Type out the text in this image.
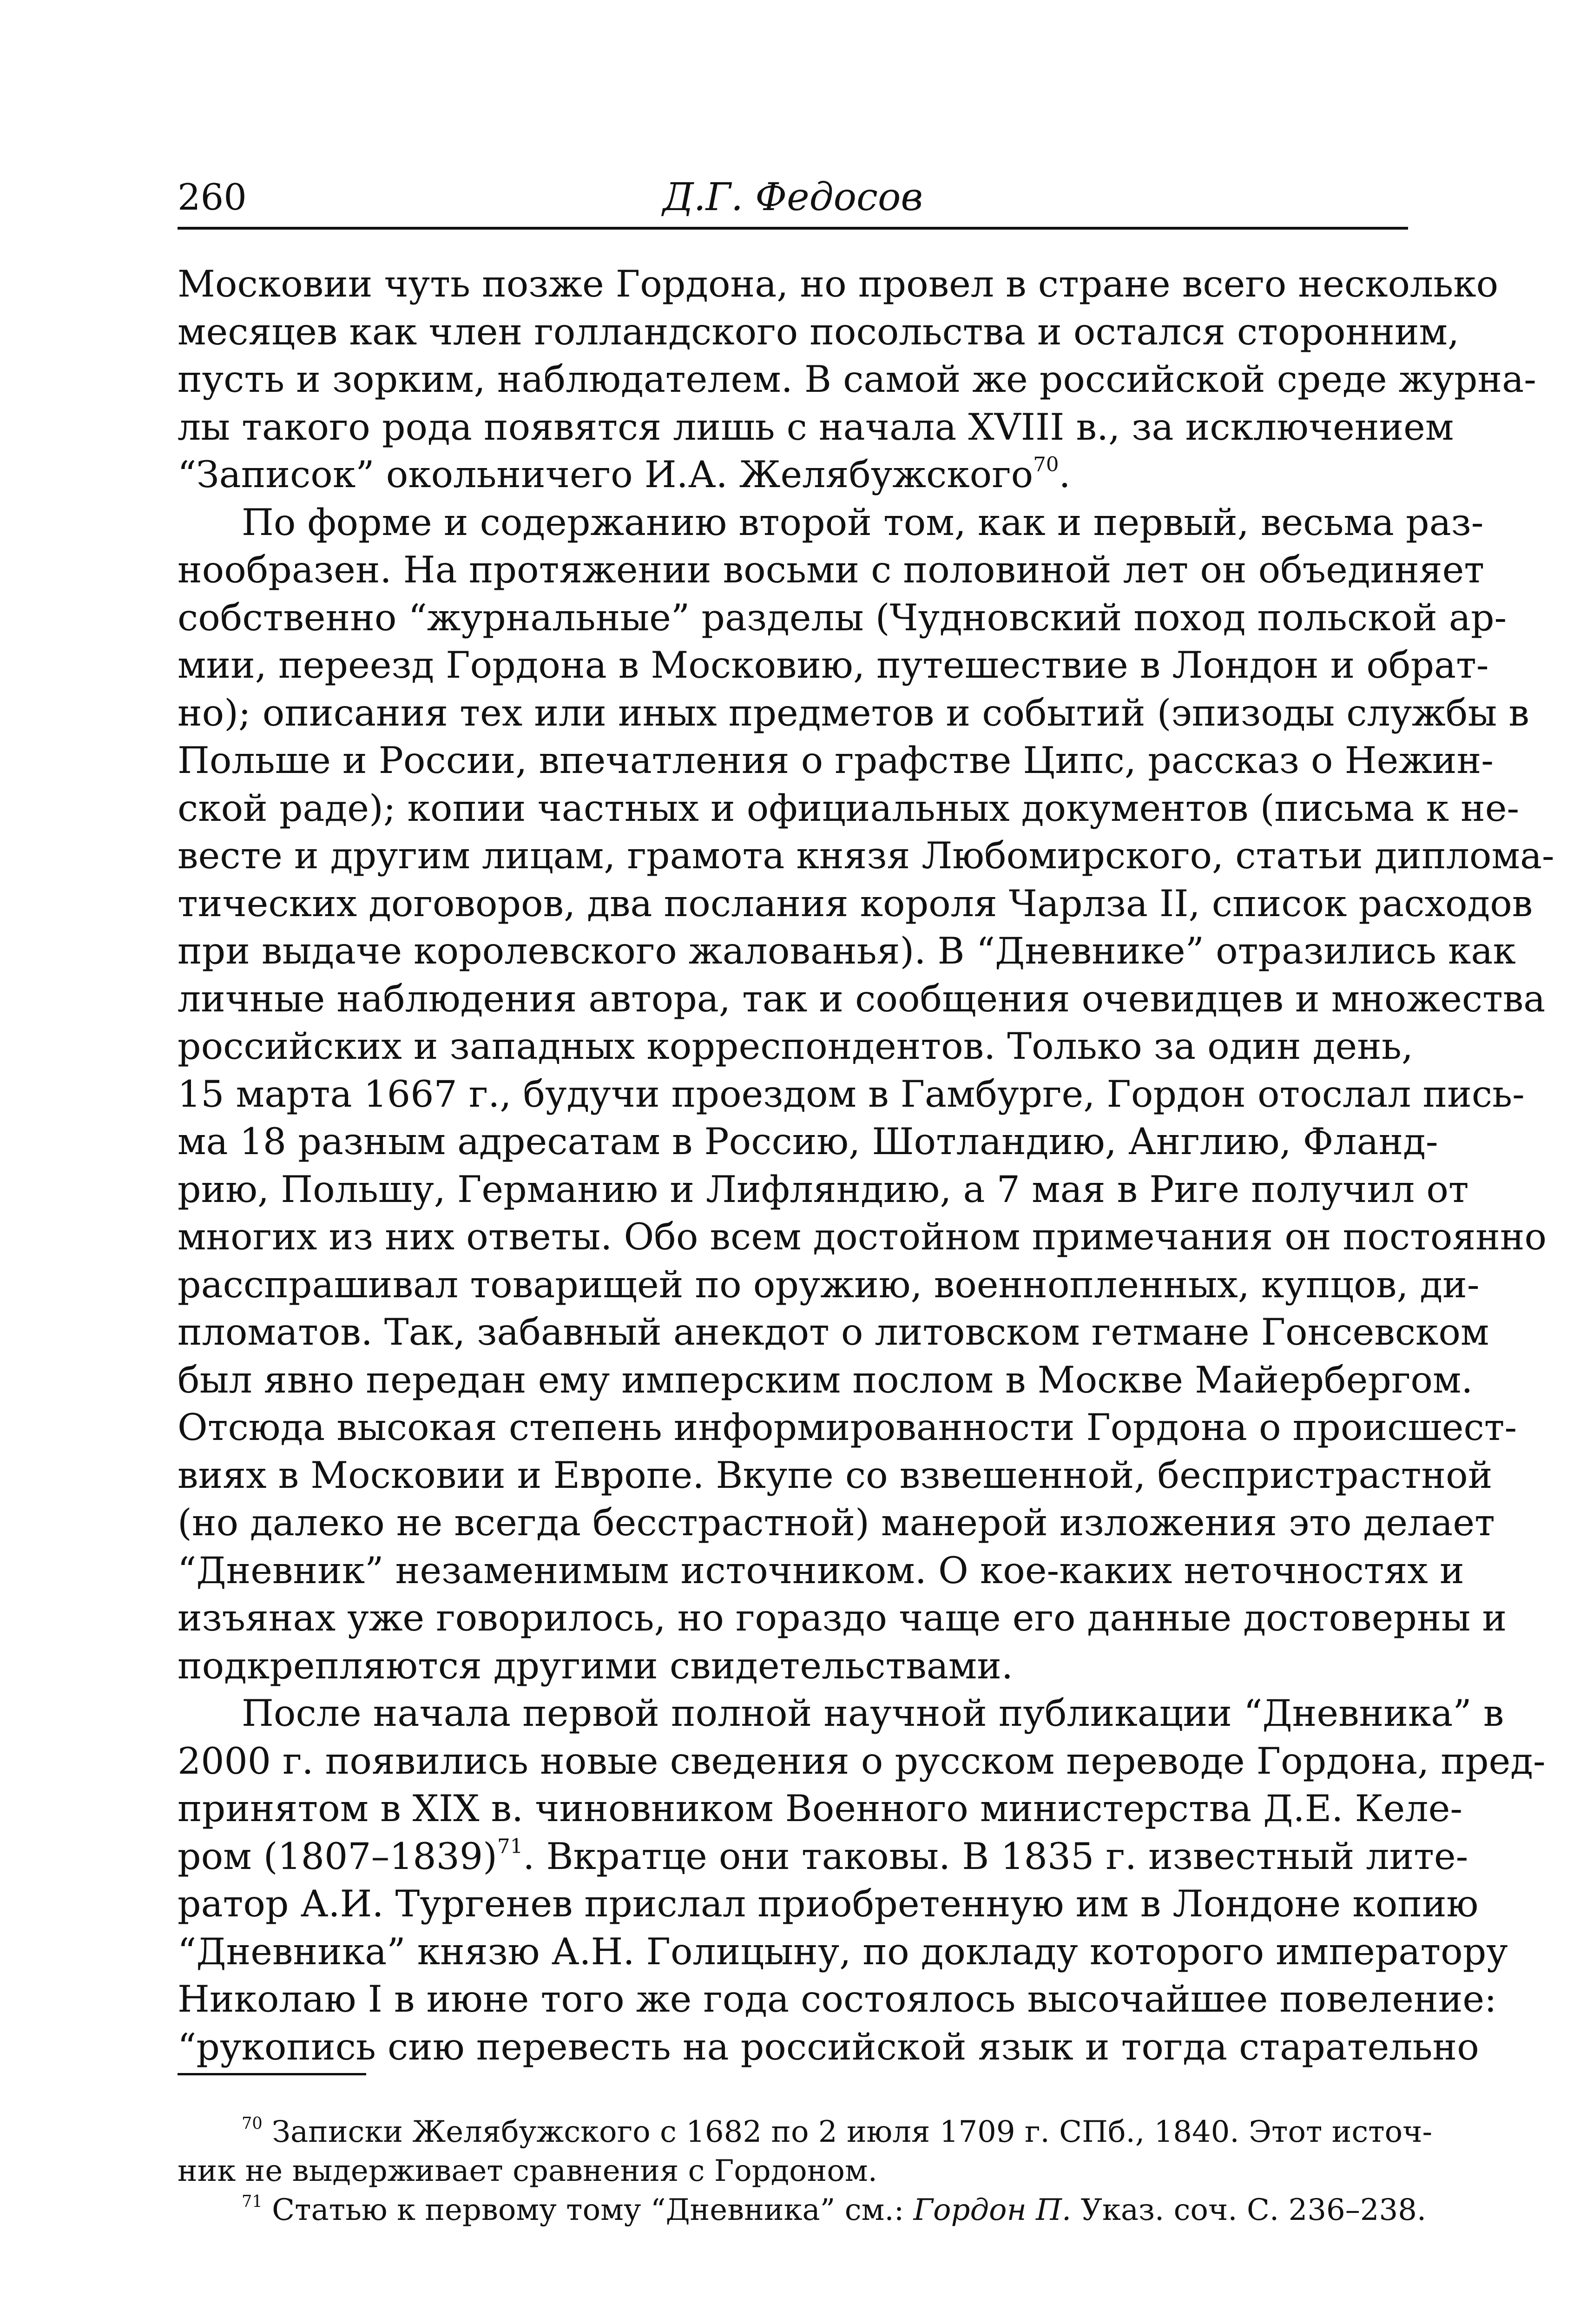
260	Д.Г. Федосов
Московии чуть позже Гордона, но провел в стране всего несколько
месяцев как член голландского посольства и остался сторонним,
пусть и зорким, наблюдателем. В самой же российской среде журна-
лы такого рода появятся лишь с начала XVIII в., за исключением
“Записок” окольничего И.А. Желябужского$^{70}$.
По форме и содержанию второй том, как и первый, весьма раз-
нообразен. На протяжении восьми с половиной лет он объединяет
собственно “журнальные” разделы (Чудновский поход польской ар-
мии, переезд Гордона в Московию, путешествие в Лондон и обрат-
но); описания тех или иных предметов и событий (эпизоды службы в
Польше и России, впечатления о графстве Ципс, рассказ о Нежин-
ской раде); копии частных и официальных документов (письма к не-
весте и другим лицам, грамота князя Любомирского, статьи диплома-
тических договоров, два послания короля Чарлза II, список расходов
при выдаче королевского жалованья). В “Дневнике” отразились как
личные наблюдения автора, так и сообщения очевидцев и множества
российских и западных корреспондентов. Только за один день,
15 марта 1667 г., будучи проездом в Гамбурге, Гордон отослал пись-
ма 18 разным адресатам в Россию, Шотландию, Англию, Фланд-
рию, Польшу, Германию и Лифляндию, а 7 мая в Риге получил от
многих из них ответы. Обо всем достойном примечания он постоянно
расспрашивал товарищей по оружию, военнопленных, купцов, ди-
пломатов. Так, забавный анекдот о литовском гетмане Гонсевском
был явно передан ему имперским послом в Москве Майербергом.
Отсюда высокая степень информированности Гордона о происшест-
виях в Московии и Европе. Вкупе со взвешенной, беспристрастной
(но далеко не всегда бесстрастной) манерой изложения это делает
“Дневник” незаменимым источником. О кое-каких неточностях и
изъянах уже говорилось, но гораздо чаще его данные достоверны и
подкрепляются другими свидетельствами.
После начала первой полной научной публикации “Дневника” в
2000 г. появились новые сведения о русском переводе Гордона, пред-
принятом в XIX в. чиновником Военного министерства Д.Е. Келе-
ром (1807–1839)$^{71}$. Вкратце они таковы. В 1835 г. известный лите-
ратор А.И. Тургенев прислал приобретенную им в Лондоне копию
“Дневника” князю А.Н. Голицыну, по докладу которого императору
Николаю I в июне того же года состоялось высочайшее повеление:
“рукопись сию перевесть на российской язык и тогда старательно
$^{70}$ Записки Желябужского с 1682 по 2 июля 1709 г. СПб., 1840. Этот источ-
ник не выдерживает сравнения с Гордоном.
$^{71}$ Статью к первому тому “Дневника” см.: Гордон П. Указ. соч. С. 236–238.
